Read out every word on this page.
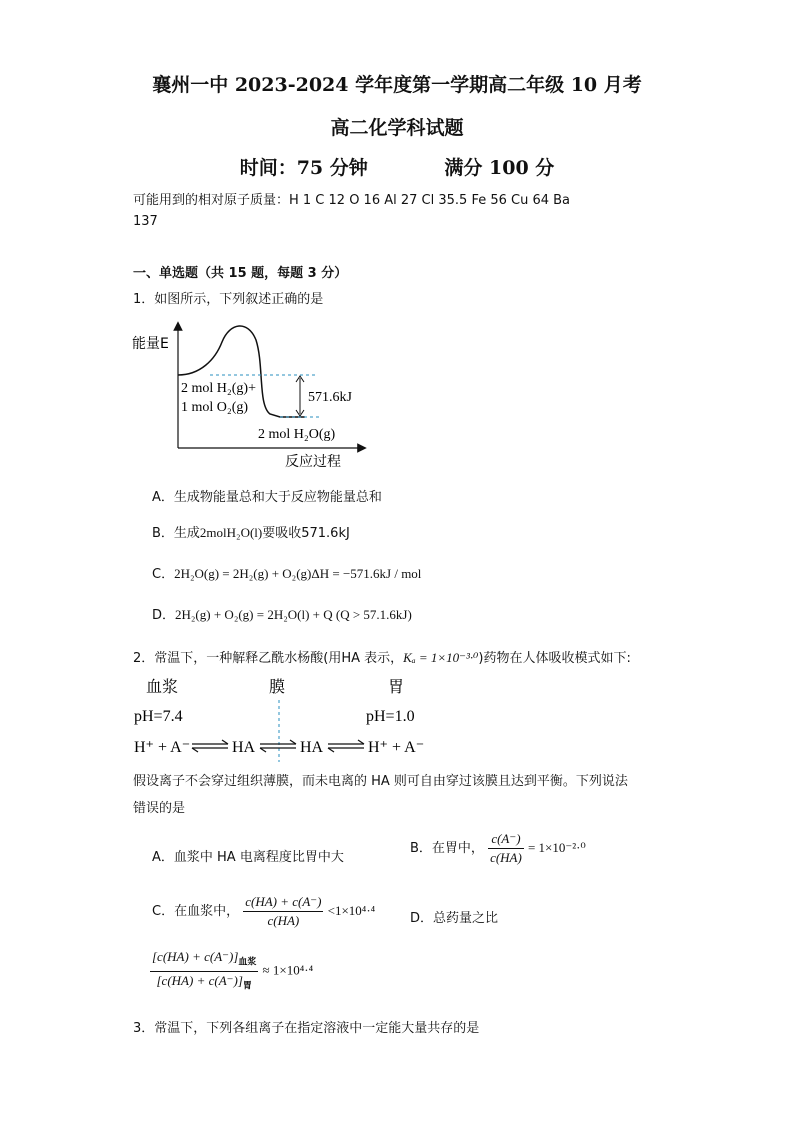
襄州一中 2023-2024 学年度第一学期高二年级 10 月考
高二化学科试题
时间：75 分钟	满分 100 分
可能用到的相对原子质量：H 1 C 12 O 16 Al 27 Cl 35.5 Fe 56 Cu 64 Ba
137
一、单选题（共 15 题，每题 3 分）
1．如图所示，下列叙述正确的是
能量E
2 mol H₂(g)+
1 mol O₂(g)
571.6kJ
2 mol H₂O(g)
反应过程
A．生成物能量总和大于反应物能量总和
B．生成2molH₂O(l)要吸收571.6kJ
C．2H₂O(g) = 2H₂(g) + O₂(g)ΔH = −571.6kJ / mol
D．2H₂(g) + O₂(g) = 2H₂O(l) + Q (Q > 57.1.6kJ)
2．常温下，一种解释乙酰水杨酸(用HA 表示，Kₐ = 1×10⁻³·⁰)药物在人体吸收模式如下:
血浆	膜	胃
pH=7.4	pH=1.0
H⁺ + A⁻	HA	HA	H⁺ + A⁻
假设离子不会穿过组织薄膜，而未电离的 HA 则可自由穿过该膜且达到平衡。下列说法
错误的是
A．血浆中 HA 电离程度比胃中大
B．在胃中， $\frac{c(A^-)}{c(HA)} = 1\times 10^{-2}\cdot^0$
C．在血浆中， $\frac{c(HA) + c(A^-)}{c(HA)} <1\times 10^4\cdot^4$
D．总药量之比
$\frac{[c(HA) + c(A^-)]_{血浆}}{[c(HA) + c(A^-)]_胃} \approx 1\times 10^4\cdot^4$
3．常温下，下列各组离子在指定溶液中一定能大量共存的是
